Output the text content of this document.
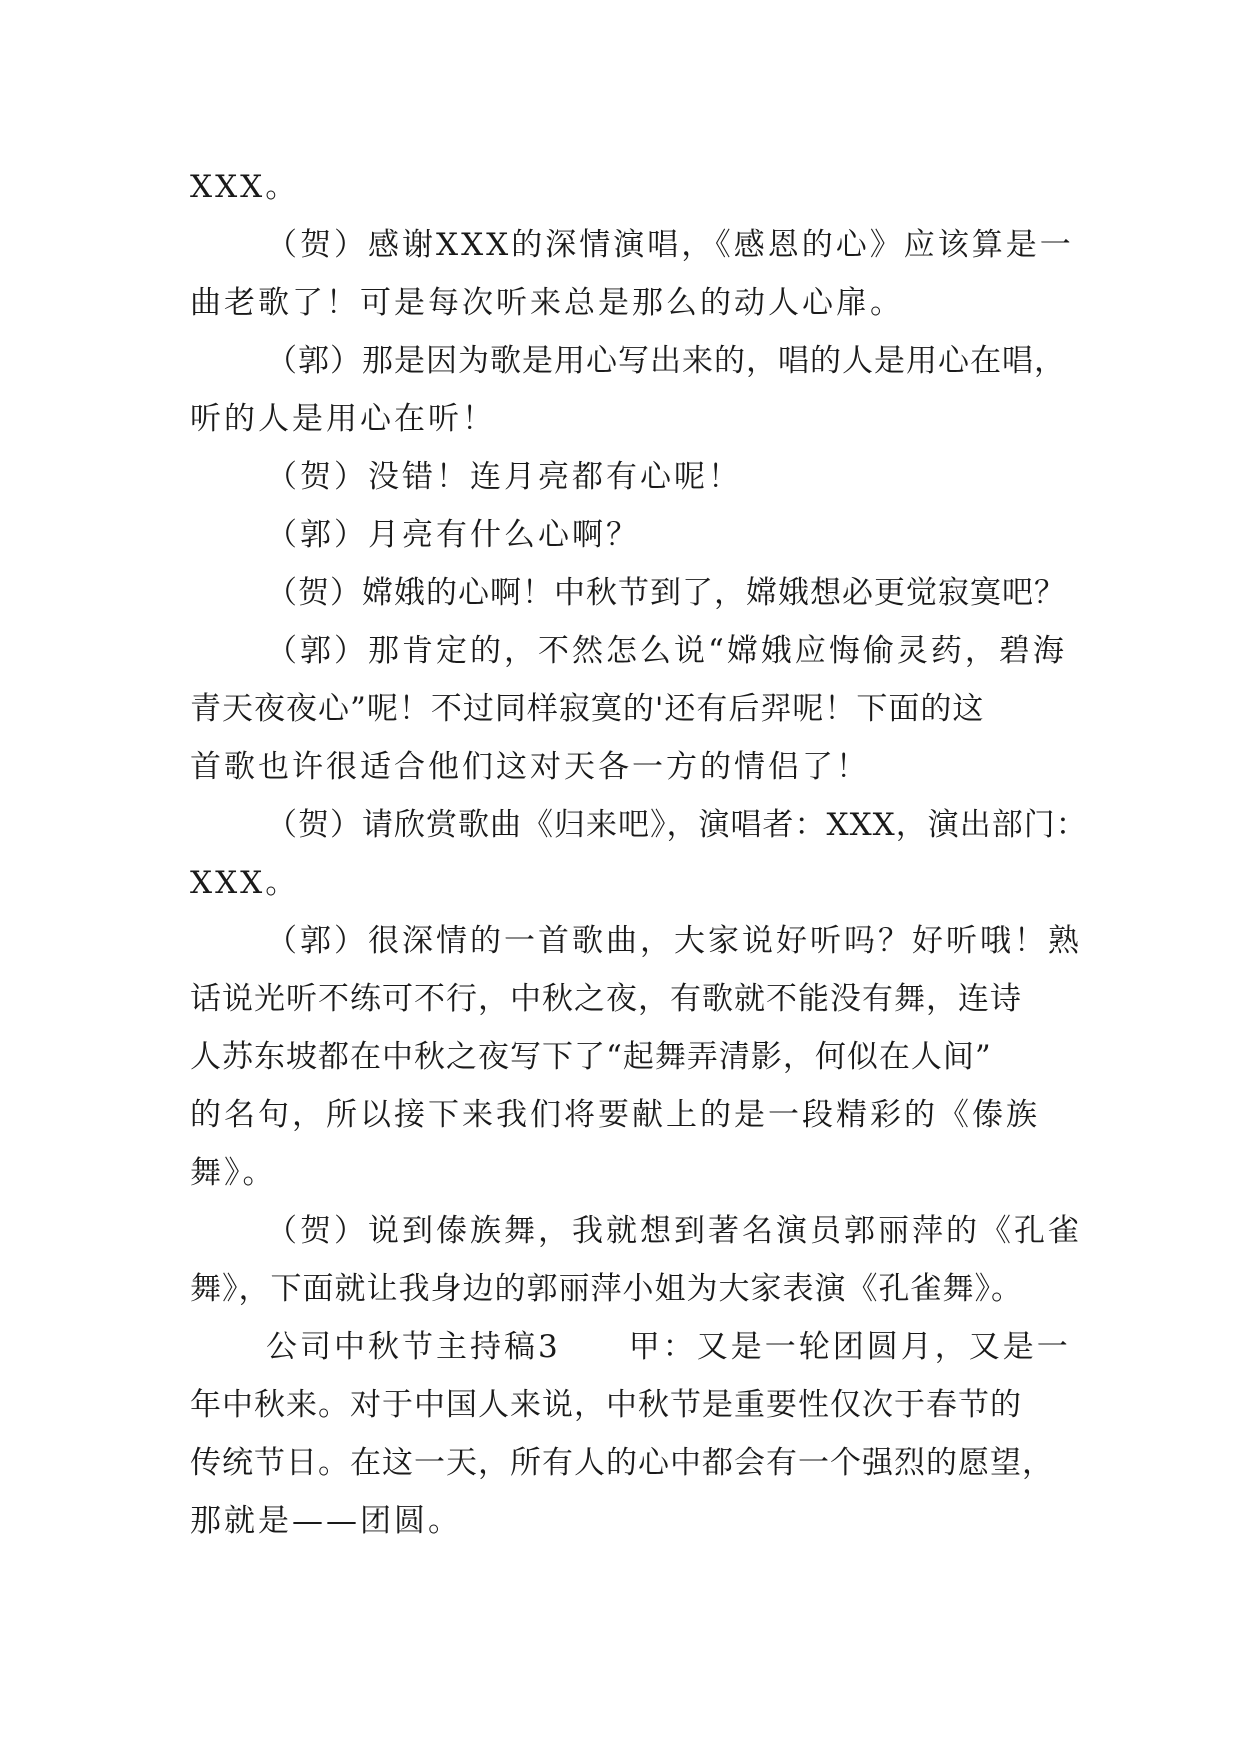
XXX。
（贺）感谢XXX的深情演唱，《感恩的心》应该算是一
曲老歌了！可是每次听来总是那么的动人心扉。
（郭）那是因为歌是用心写出来的，唱的人是用心在唱，
听的人是用心在听！
（贺）没错！连月亮都有心呢！
（郭）月亮有什么心啊？
（贺）嫦娥的心啊！中秋节到了，嫦娥想必更觉寂寞吧？
（郭）那肯定的，不然怎么说“嫦娥应悔偷灵药，碧海
青天夜夜心”呢！不过同样寂寞的'还有后羿呢！下面的这
首歌也许很适合他们这对天各一方的情侣了！
（贺）请欣赏歌曲《归来吧》，演唱者：XXX，演出部门：
XXX。
（郭）很深情的一首歌曲，大家说好听吗？好听哦！熟
话说光听不练可不行，中秋之夜，有歌就不能没有舞，连诗
人苏东坡都在中秋之夜写下了“起舞弄清影，何似在人间”
的名句，所以接下来我们将要献上的是一段精彩的《傣族
舞》。
（贺）说到傣族舞，我就想到著名演员郭丽萍的《孔雀
舞》，下面就让我身边的郭丽萍小姐为大家表演《孔雀舞》。
公司中秋节主持稿3　　甲：又是一轮团圆月，又是一
年中秋来。对于中国人来说，中秋节是重要性仅次于春节的
传统节日。在这一天，所有人的心中都会有一个强烈的愿望，
那就是——团圆。
